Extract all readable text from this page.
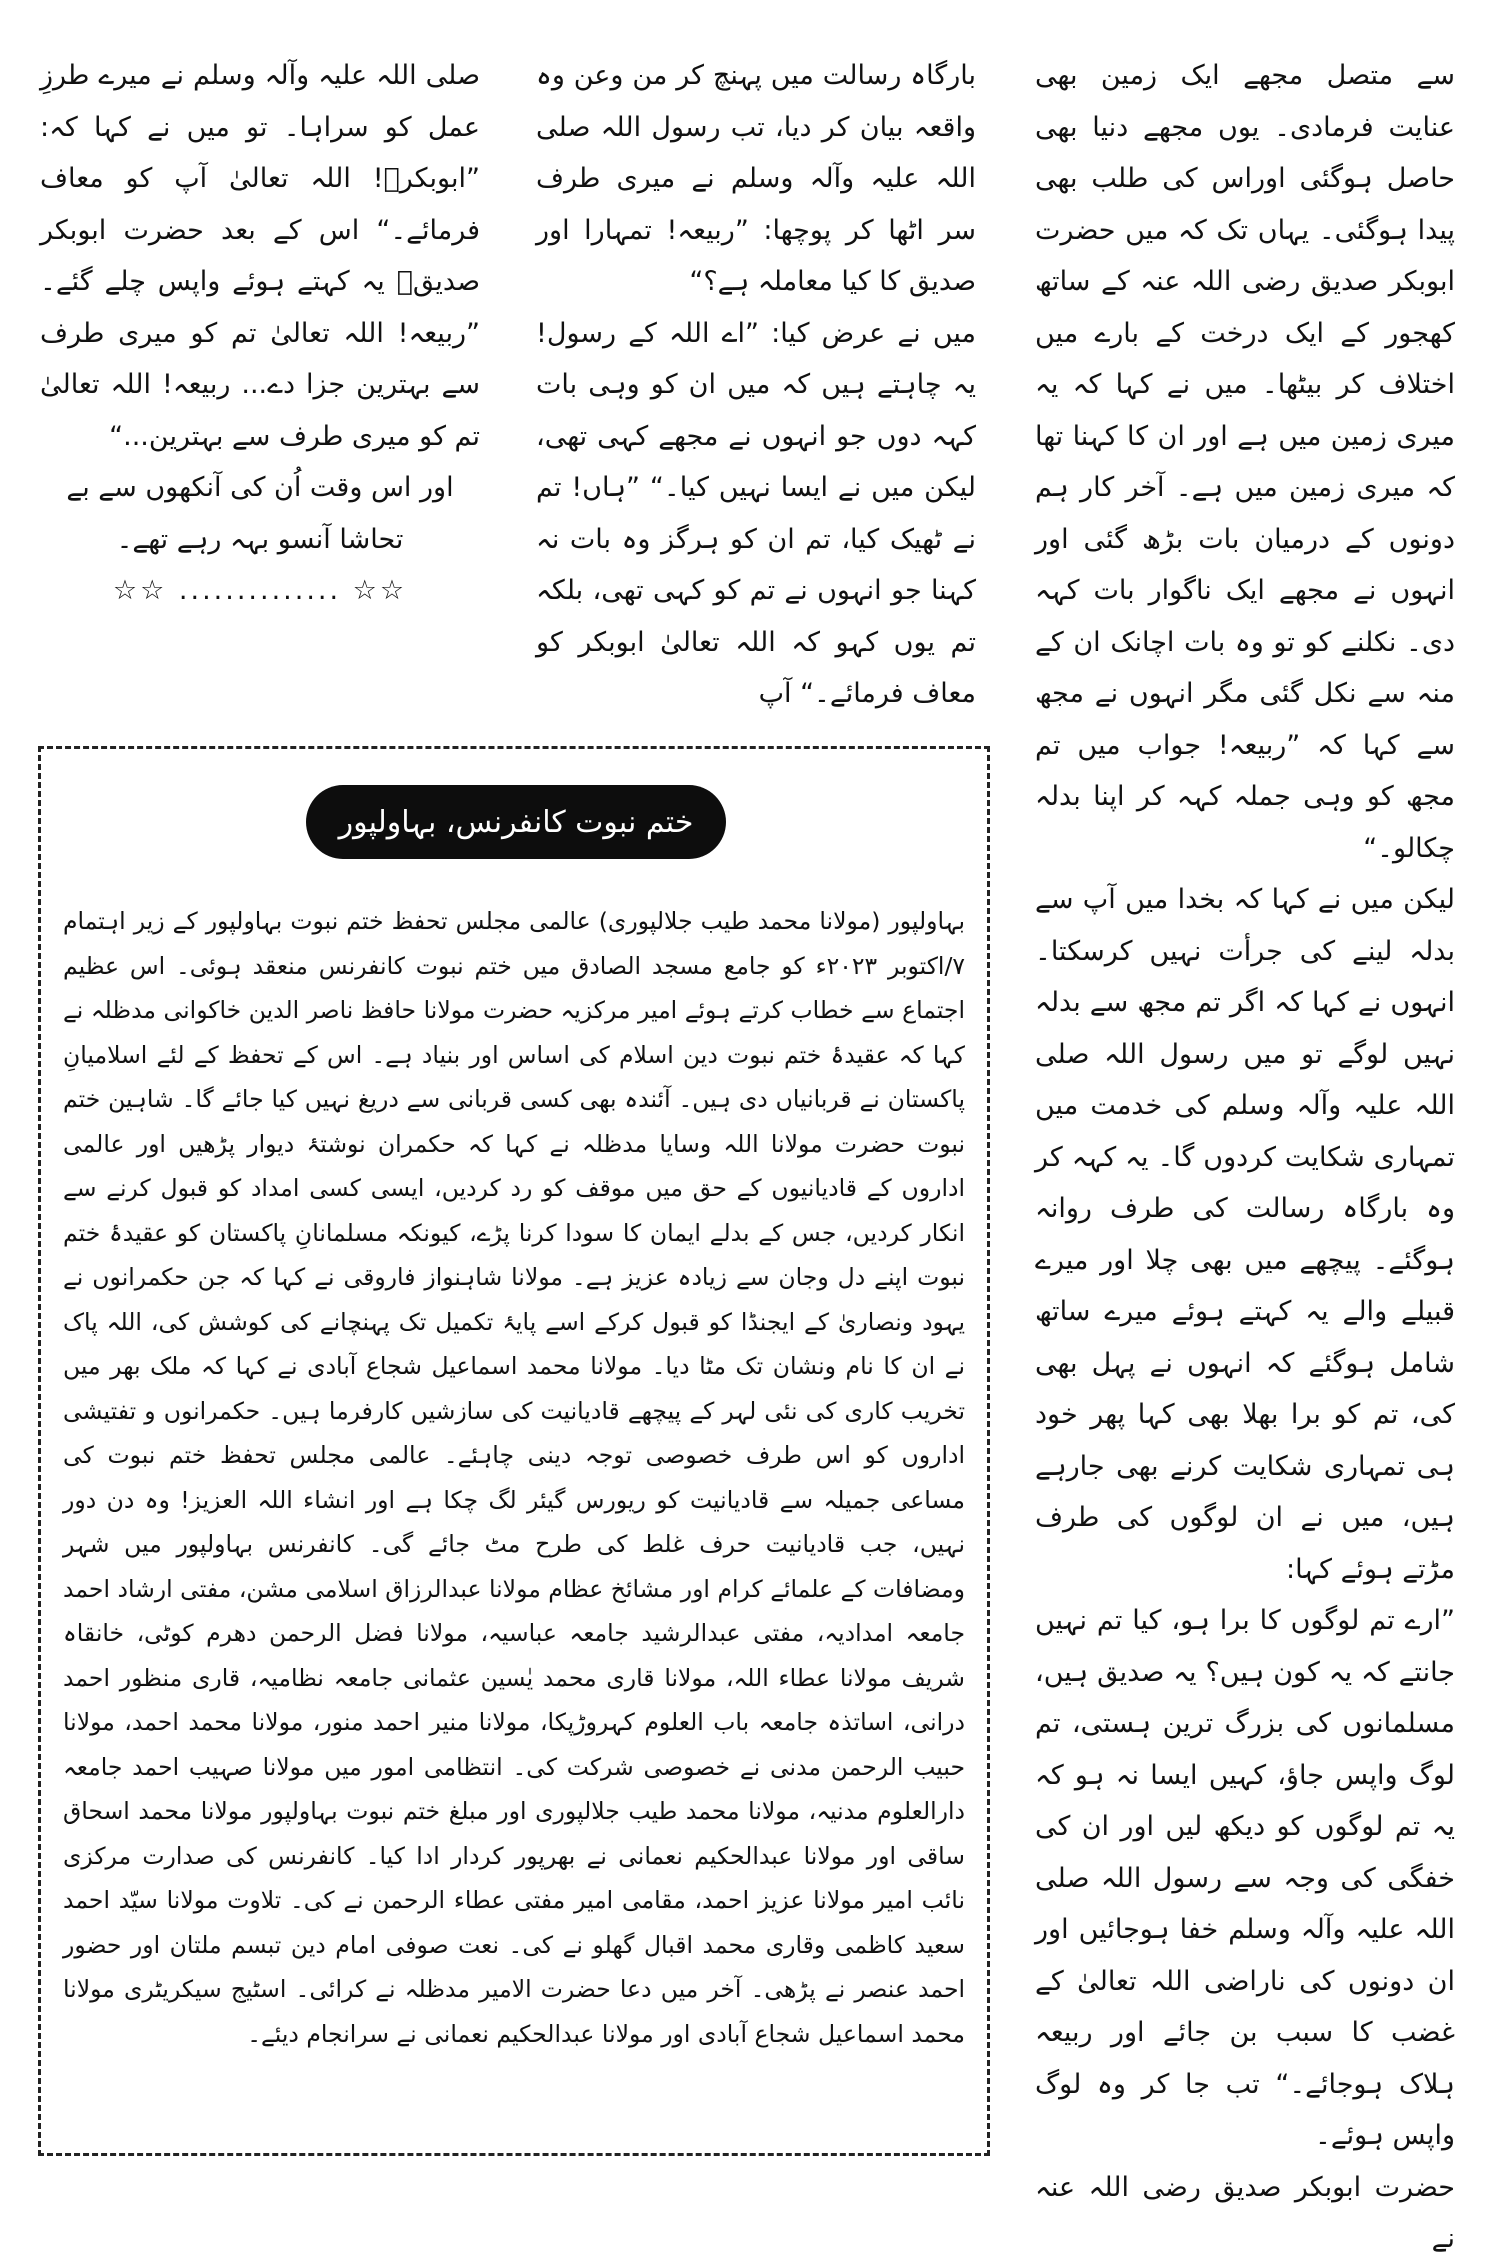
سے متصل مجھے ایک زمین بھی عنایت فرمادی۔ یوں مجھے دنیا بھی حاصل ہوگئی اوراس کی طلب بھی پیدا ہوگئی۔ یہاں تک کہ میں حضرت ابوبکر صدیق رضی اللہ عنہ کے ساتھ کھجور کے ایک درخت کے بارے میں اختلاف کر بیٹھا۔ میں نے کہا کہ یہ میری زمین میں ہے اور ان کا کہنا تھا کہ میری زمین میں ہے۔ آخر کار ہم دونوں کے درمیان بات بڑھ گئی اور انہوں نے مجھے ایک ناگوار بات کہہ دی۔ نکلنے کو تو وہ بات اچانک ان کے منہ سے نکل گئی مگر انہوں نے مجھ سے کہا کہ ”ربیعہ! جواب میں تم مجھ کو وہی جملہ کہہ کر اپنا بدلہ چکالو۔“

لیکن میں نے کہا کہ بخدا میں آپ سے بدلہ لینے کی جرأت نہیں کرسکتا۔ انہوں نے کہا کہ اگر تم مجھ سے بدلہ نہیں لوگے تو میں رسول اللہ صلی اللہ علیہ وآلہ وسلم کی خدمت میں تمہاری شکایت کردوں گا۔ یہ کہہ کر وہ بارگاہ رسالت کی طرف روانہ ہوگئے۔ پیچھے میں بھی چلا اور میرے قبیلے والے یہ کہتے ہوئے میرے ساتھ شامل ہوگئے کہ انہوں نے پہل بھی کی، تم کو برا بھلا بھی کہا پھر خود ہی تمہاری شکایت کرنے بھی جارہے ہیں، میں نے ان لوگوں کی طرف مڑتے ہوئے کہا:

”ارے تم لوگوں کا برا ہو، کیا تم نہیں جانتے کہ یہ کون ہیں؟ یہ صدیق ہیں، مسلمانوں کی بزرگ ترین ہستی، تم لوگ واپس جاؤ، کہیں ایسا نہ ہو کہ یہ تم لوگوں کو دیکھ لیں اور ان کی خفگی کی وجہ سے رسول اللہ صلی اللہ علیہ وآلہ وسلم خفا ہوجائیں اور ان دونوں کی ناراضی اللہ تعالیٰ کے غضب کا سبب بن جائے اور ربیعہ ہلاک ہوجائے۔“ تب جا کر وہ لوگ واپس ہوئے۔

حضرت ابوبکر صدیق رضی اللہ عنہ نے

بارگاہ رسالت میں پہنچ کر من وعن وہ واقعہ بیان کر دیا، تب رسول اللہ صلی اللہ علیہ وآلہ وسلم نے میری طرف سر اٹھا کر پوچھا: ”ربیعہ! تمہارا اور صدیق کا کیا معاملہ ہے؟“

میں نے عرض کیا: ”اے اللہ کے رسول! یہ چاہتے ہیں کہ میں ان کو وہی بات کہہ دوں جو انہوں نے مجھے کہی تھی، لیکن میں نے ایسا نہیں کیا۔“ ”ہاں! تم نے ٹھیک کیا، تم ان کو ہرگز وہ بات نہ کہنا جو انہوں نے تم کو کہی تھی، بلکہ تم یوں کہو کہ اللہ تعالیٰ ابوبکر کو معاف فرمائے۔“ آپ

صلی اللہ علیہ وآلہ وسلم نے میرے طرزِ عمل کو سراہا۔ تو میں نے کہا کہ: ”ابوبکرؓ! اللہ تعالیٰ آپ کو معاف فرمائے۔“ اس کے بعد حضرت ابوبکر صدیقؓ یہ کہتے ہوئے واپس چلے گئے۔ ”ربیعہ! اللہ تعالیٰ تم کو میری طرف سے بہترین جزا دے... ربیعہ! اللہ تعالیٰ تم کو میری طرف سے بہترین...“

اور اس وقت اُن کی آنکھوں سے بے تحاشا آنسو بہہ رہے تھے۔

☆☆ .............. ☆☆

ختم نبوت کانفرنس، بہاولپور

بہاولپور (مولانا محمد طیب جلالپوری) عالمی مجلس تحفظ ختم نبوت بہاولپور کے زیر اہتمام ۷/اکتوبر ۲۰۲۳ء کو جامع مسجد الصادق میں ختم نبوت کانفرنس منعقد ہوئی۔ اس عظیم اجتماع سے خطاب کرتے ہوئے امیر مرکزیہ حضرت مولانا حافظ ناصر الدین خاکوانی مدظلہ نے کہا کہ عقیدۂ ختم نبوت دین اسلام کی اساس اور بنیاد ہے۔ اس کے تحفظ کے لئے اسلامیانِ پاکستان نے قربانیاں دی ہیں۔ آئندہ بھی کسی قربانی سے دریغ نہیں کیا جائے گا۔ شاہین ختم نبوت حضرت مولانا اللہ وسایا مدظلہ نے کہا کہ حکمران نوشتۂ دیوار پڑھیں اور عالمی اداروں کے قادیانیوں کے حق میں موقف کو رد کردیں، ایسی کسی امداد کو قبول کرنے سے انکار کردیں، جس کے بدلے ایمان کا سودا کرنا پڑے، کیونکہ مسلمانانِ پاکستان کو عقیدۂ ختم نبوت اپنے دل وجان سے زیادہ عزیز ہے۔ مولانا شاہنواز فاروقی نے کہا کہ جن حکمرانوں نے یہود ونصاریٰ کے ایجنڈا کو قبول کرکے اسے پایۂ تکمیل تک پہنچانے کی کوشش کی، اللہ پاک نے ان کا نام ونشان تک مٹا دیا۔ مولانا محمد اسماعیل شجاع آبادی نے کہا کہ ملک بھر میں تخریب کاری کی نئی لہر کے پیچھے قادیانیت کی سازشیں کارفرما ہیں۔ حکمرانوں و تفتیشی اداروں کو اس طرف خصوصی توجہ دینی چاہئے۔ عالمی مجلس تحفظ ختم نبوت کی مساعی جمیلہ سے قادیانیت کو ریورس گیئر لگ چکا ہے اور انشاء اللہ العزیز! وہ دن دور نہیں، جب قادیانیت حرف غلط کی طرح مٹ جائے گی۔ کانفرنس بہاولپور میں شہر ومضافات کے علمائے کرام اور مشائخ عظام مولانا عبدالرزاق اسلامی مشن، مفتی ارشاد احمد جامعہ امدادیہ، مفتی عبدالرشید جامعہ عباسیہ، مولانا فضل الرحمن دھرم کوٹی، خانقاہ شریف مولانا عطاء اللہ، مولانا قاری محمد یٰسین عثمانی جامعہ نظامیہ، قاری منظور احمد درانی، اساتذہ جامعہ باب العلوم کہروڑپکا، مولانا منیر احمد منور، مولانا محمد احمد، مولانا حبیب الرحمن مدنی نے خصوصی شرکت کی۔ انتظامی امور میں مولانا صہیب احمد جامعہ دارالعلوم مدنیہ، مولانا محمد طیب جلالپوری اور مبلغ ختم نبوت بہاولپور مولانا محمد اسحاق ساقی اور مولانا عبدالحکیم نعمانی نے بھرپور کردار ادا کیا۔ کانفرنس کی صدارت مرکزی نائب امیر مولانا عزیز احمد، مقامی امیر مفتی عطاء الرحمن نے کی۔ تلاوت مولانا سیّد احمد سعید کاظمی وقاری محمد اقبال گھلو نے کی۔ نعت صوفی امام دین تبسم ملتان اور حضور احمد عنصر نے پڑھی۔ آخر میں دعا حضرت الامیر مدظلہ نے کرائی۔ اسٹیج سیکریٹری مولانا محمد اسماعیل شجاع آبادی اور مولانا عبدالحکیم نعمانی نے سرانجام دیئے۔
